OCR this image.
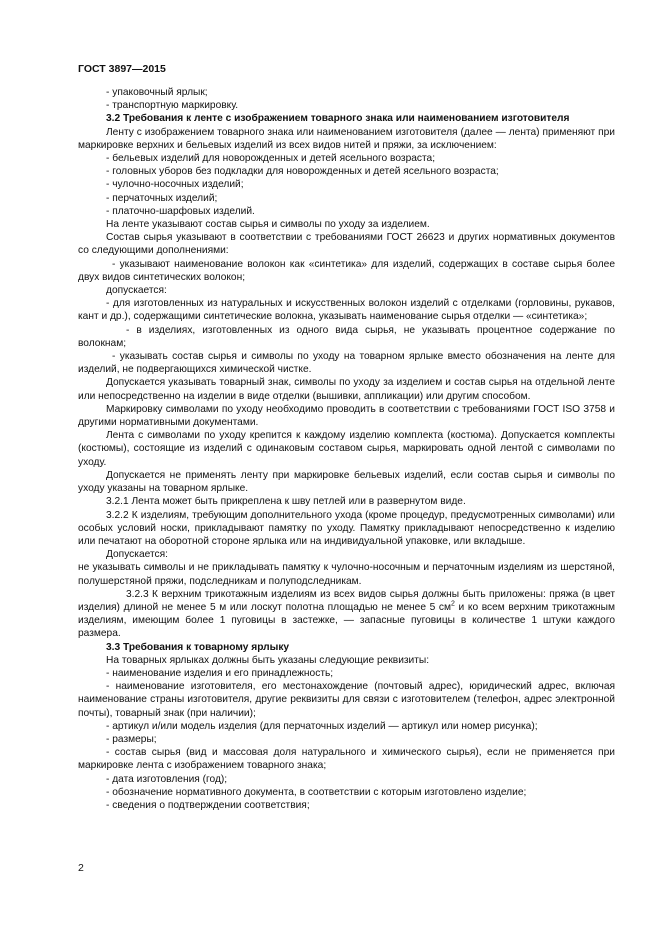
ГОСТ 3897—2015

- упаковочный ярлык;

- транспортную маркировку.

3.2 Требования к ленте с изображением товарного знака или наименованием изготовителя

Ленту с изображением товарного знака или наименованием изготовителя (далее — лента) применяют при маркировке верхних и бельевых изделий из всех видов нитей и пряжи, за исключением:

- бельевых изделий для новорожденных и детей ясельного возраста;

- головных уборов без подкладки для новорожденных и детей ясельного возраста;

- чулочно-носочных изделий;

- перчаточных изделий;

- платочно-шарфовых изделий.

На ленте указывают состав сырья и символы по уходу за изделием.

Состав сырья указывают в соответствии с требованиями ГОСТ 26623 и других нормативных документов со следующими дополнениями:

- указывают наименование волокон как «синтетика» для изделий, содержащих в составе сырья более двух видов синтетических волокон;

допускается:

- для изготовленных из натуральных и искусственных волокон изделий с отделками (горловины, рукавов, кант и др.), содержащими синтетические волокна, указывать наименование сырья отделки — «синтетика»;

- в изделиях, изготовленных из одного вида сырья, не указывать процентное содержание по волокнам;

- указывать состав сырья и символы по уходу на товарном ярлыке вместо обозначения на ленте для изделий, не подвергающихся химической чистке.

Допускается указывать товарный знак, символы по уходу за изделием и состав сырья на отдельной ленте или непосредственно на изделии в виде отделки (вышивки, аппликации) или другим способом.

Маркировку символами по уходу необходимо проводить в соответствии с требованиями ГОСТ ISO 3758 и другими нормативными документами.

Лента с символами по уходу крепится к каждому изделию комплекта (костюма). Допускается комплекты (костюмы), состоящие из изделий с одинаковым составом сырья, маркировать одной лентой с символами по уходу.

Допускается не применять ленту при маркировке бельевых изделий, если состав сырья и символы по уходу указаны на товарном ярлыке.

3.2.1 Лента может быть прикреплена к шву петлей или в развернутом виде.

3.2.2 К изделиям, требующим дополнительного ухода (кроме процедур, предусмотренных символами) или особых условий носки, прикладывают памятку по уходу. Памятку прикладывают непосредственно к изделию или печатают на оборотной стороне ярлыка или на индивидуальной упаковке, или вкладыше.

Допускается:

не указывать символы и не прикладывать памятку к чулочно-носочным и перчаточным изделиям из шерстяной, полушерстяной пряжи, подследникам и полуподследникам.

3.2.3 К верхним трикотажным изделиям из всех видов сырья должны быть приложены: пряжа (в цвет изделия) длиной не менее 5 м или лоскут полотна площадью не менее 5 $см^2$ и ко всем верхним трикотажным изделиям, имеющим более 1 пуговицы в застежке, — запасные пуговицы в количестве 1 штуки каждого размера.

3.3 Требования к товарному ярлыку

На товарных ярлыках должны быть указаны следующие реквизиты:

- наименование изделия и его принадлежность;

- наименование изготовителя, его местонахождение (почтовый адрес), юридический адрес, включая наименование страны изготовителя, другие реквизиты для связи с изготовителем (телефон, адрес электронной почты), товарный знак (при наличии);

- артикул и/или модель изделия (для перчаточных изделий — артикул или номер рисунка);

- размеры;

- состав сырья (вид и массовая доля натурального и химического сырья), если не применяется при маркировке лента с изображением товарного знака;

- дата изготовления (год);

- обозначение нормативного документа, в соответствии с которым изготовлено изделие;

- сведения о подтверждении соответствия;

2
